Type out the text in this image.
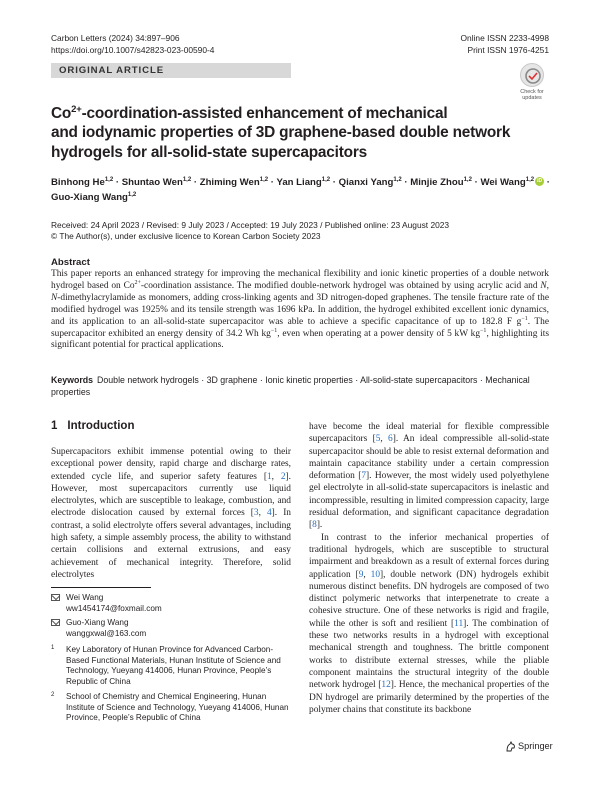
Carbon Letters (2024) 34:897–906
https://doi.org/10.1007/s42823-023-00590-4
Online ISSN 2233-4998
Print ISSN 1976-4251
ORIGINAL ARTICLE
Check for
updates
$Co^{2+}-coordination$-assisted enhancement of mechanical
and iodynamic properties of 3D graphene-based double network
hydrogels for all-solid-state supercapacitors
Binhong He$^{1,2}$ · Shuntao Wen$^{1,2}$ · Zhiming Wen$^{1,2}$ · Yan Liang$^{1,2}$ · Qianxi Yang$^{1,2}$ · Minjie Zhou$^{1,2}$ · Wei Wang$^{1,2}$ iD ·
Guo-Xiang Wang$^{1,2}$
Received: 24 April 2023 / Revised: 9 July 2023 / Accepted: 19 July 2023 / Published online: 23 August 2023
© The Author(s), under exclusive licence to Korean Carbon Society 2023
Abstract
This paper reports an enhanced strategy for improving the mechanical flexibility and ionic kinetic properties of a double network hydrogel based on $Co^{2+}$-coordination assistance. The modified double-network hydrogel was obtained by using acrylic acid and N, N-dimethylacrylamide as monomers, adding cross-linking agents and 3D nitrogen-doped graphenes. The tensile fracture rate of the modified hydrogel was 1925% and its tensile strength was 1696 kPa. In addition, the hydrogel exhibited excellent ionic dynamics, and its application to an all-solid-state supercapacitor was able to achieve a specific capacitance of up to 182.8 F $g^{-1}$. The supercapacitor exhibited an energy density of 34.2 Wh $kg^{-1}$, even when operating at a power density of 5 kW $kg^{-1}$, highlighting its significant potential for practical applications.
Keywords Double network hydrogels · 3D graphene · Ionic kinetic properties · All-solid-state supercapacitors · Mechanical properties
1 Introduction

Supercapacitors exhibit immense potential owing to their exceptional power density, rapid charge and discharge rates, extended cycle life, and superior safety features [1, 2]. However, most supercapacitors currently use liquid electrolytes, which are susceptible to leakage, combustion, and electrode dislocation caused by external forces [3, 4]. In contrast, a solid electrolyte offers several advantages, including high safety, a simple assembly process, the ability to withstand certain collisions and external extrusions, and easy achievement of mechanical integrity. Therefore, solid electrolytes

have become the ideal material for flexible compressible supercapacitors [5, 6]. An ideal compressible all-solid-state supercapacitor should be able to resist external deformation and maintain capacitance stability under a certain compression deformation [7]. However, the most widely used polyethylene gel electrolyte in all-solid-state supercapacitors is inelastic and incompressible, resulting in limited compression capacity, large residual deformation, and significant capacitance degradation [8].

In contrast to the inferior mechanical properties of traditional hydrogels, which are susceptible to structural impairment and breakdown as a result of external forces during application [9, 10], double network (DN) hydrogels exhibit numerous distinct benefits. DN hydrogels are composed of two distinct polymeric networks that interpenetrate to create a cohesive structure. One of these networks is rigid and fragile, while the other is soft and resilient [11]. The combination of these two networks results in a hydrogel with exceptional mechanical strength and toughness. The brittle component works to distribute external stresses, while the pliable component maintains the structural integrity of the double network hydrogel [12]. Hence, the mechanical properties of the DN hydrogel are primarily determined by the properties of the polymer chains that constitute its backbone

Wei Wang
ww1454174@foxmail.com
Guo-Xiang Wang
wanggxwal@163.com
1 Key Laboratory of Hunan Province for Advanced Carbon-Based Functional Materials, Hunan Institute of Science and Technology, Yueyang 414006, Hunan Province, People’s Republic of China
2 School of Chemistry and Chemical Engineering, Hunan Institute of Science and Technology, Yueyang 414006, Hunan Province, People’s Republic of China
Springer
